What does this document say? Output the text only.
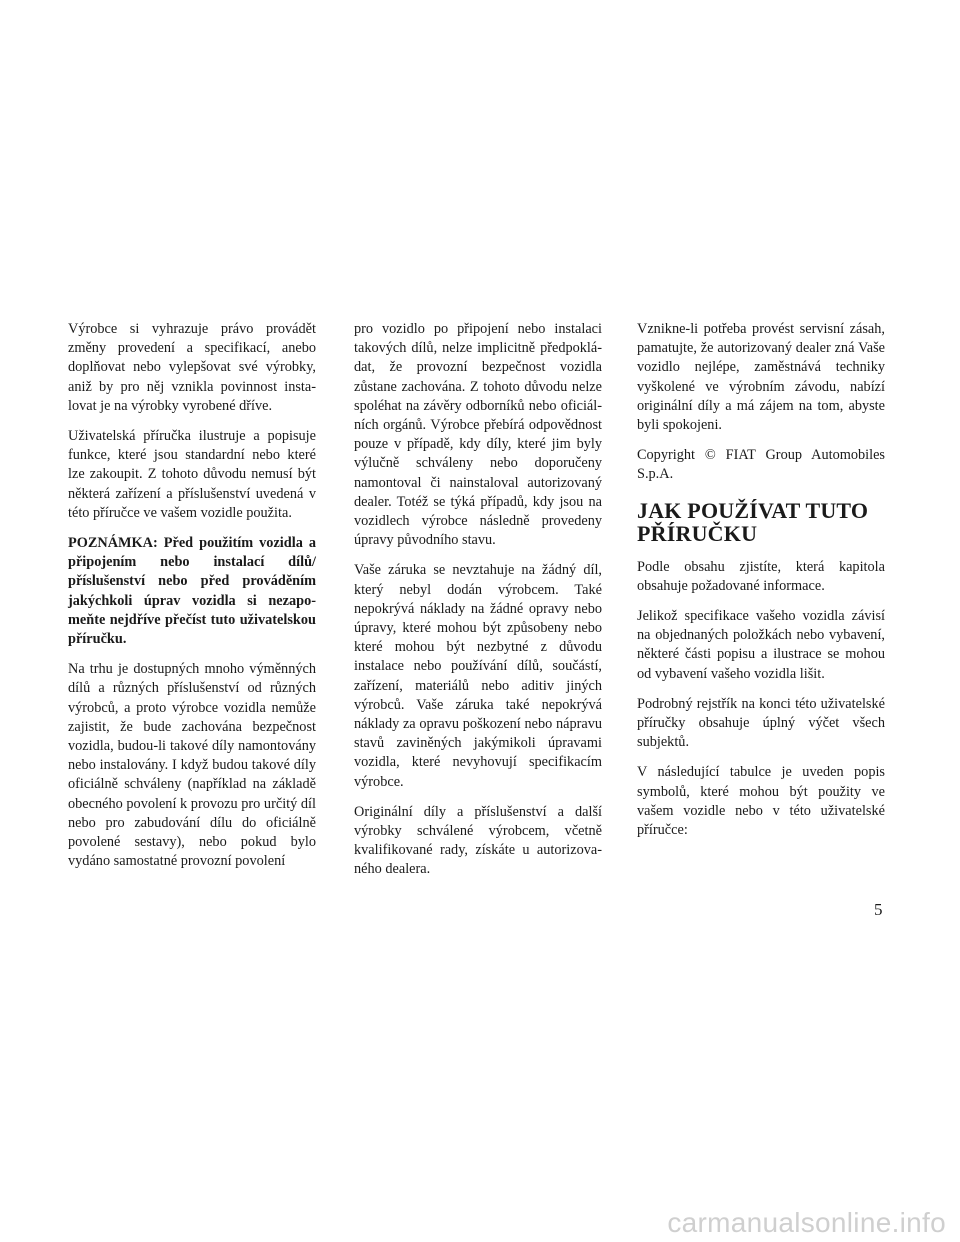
Výrobce si vyhrazuje právo provádět změny provedení a specifikací, anebo doplňovat nebo vylepšovat své výrobky, aniž by pro něj vznikla povinnost instalovat je na výrobky vyrobené dříve.

Uživatelská příručka ilustruje a popisuje funkce, které jsou standardní nebo které lze zakoupit. Z tohoto důvodu nemusí být některá zařízení a příslušenství uvedená v této příručce ve vašem vozidle použita.

POZNÁMKA: Před použitím vozidla a připojením nebo instalací dílů/ příslušenství nebo před prováděním jakýchkoli úprav vozidla si nezapomeňte nejdříve přečíst tuto uživatelskou příručku.

Na trhu je dostupných mnoho výměnných dílů a různých příslušenství od různých výrobců, a proto výrobce vozidla nemůže zajistit, že bude zachována bezpečnost vozidla, budou-li takové díly namontovány nebo instalovány. I když budou takové díly oficiálně schváleny (například na základě obecného povolení k provozu pro určitý díl nebo pro zabudování dílu do oficiálně povolené sestavy), nebo pokud bylo vydáno samostatné provozní povolení

pro vozidlo po připojení nebo instalaci takových dílů, nelze implicitně předpokládat, že provozní bezpečnost vozidla zůstane zachována. Z tohoto důvodu nelze spoléhat na závěry odborníků nebo oficiálních orgánů. Výrobce přebírá odpovědnost pouze v případě, kdy díly, které jim byly výlučně schváleny nebo doporučeny namontoval či nainstaloval autorizovaný dealer. Totéž se týká případů, kdy jsou na vozidlech výrobce následně provedeny úpravy původního stavu.

Vaše záruka se nevztahuje na žádný díl, který nebyl dodán výrobcem. Také nepokrývá náklady na žádné opravy nebo úpravy, které mohou být způsobeny nebo které mohou být nezbytné z důvodu instalace nebo používání dílů, součástí, zařízení, materiálů nebo aditiv jiných výrobců. Vaše záruka také nepokrývá náklady za opravu poškození nebo nápravu stavů zaviněných jakýmikoli úpravami vozidla, které nevyhovují specifikacím výrobce.

Originální díly a příslušenství a další výrobky schválené výrobcem, včetně kvalifikované rady, získáte u autorizovaného dealera.

Vznikne-li potřeba provést servisní zásah, pamatujte, že autorizovaný dealer zná Vaše vozidlo nejlépe, zaměstnává techniky vyškolené ve výrobním závodu, nabízí originální díly a má zájem na tom, abyste byli spokojeni.

Copyright © FIAT Group Automobiles S.p.A.

JAK POUŽÍVAT TUTO PŘÍRUČKU

Podle obsahu zjistíte, která kapitola obsahuje požadované informace.

Jelikož specifikace vašeho vozidla závisí na objednaných položkách nebo vybavení, některé části popisu a ilustrace se mohou od vybavení vašeho vozidla lišit.

Podrobný rejstřík na konci této uživatelské příručky obsahuje úplný výčet všech subjektů.

V následující tabulce je uveden popis symbolů, které mohou být použity ve vašem vozidle nebo v této uživatelské příručce:

5
carmanualsonline.info
